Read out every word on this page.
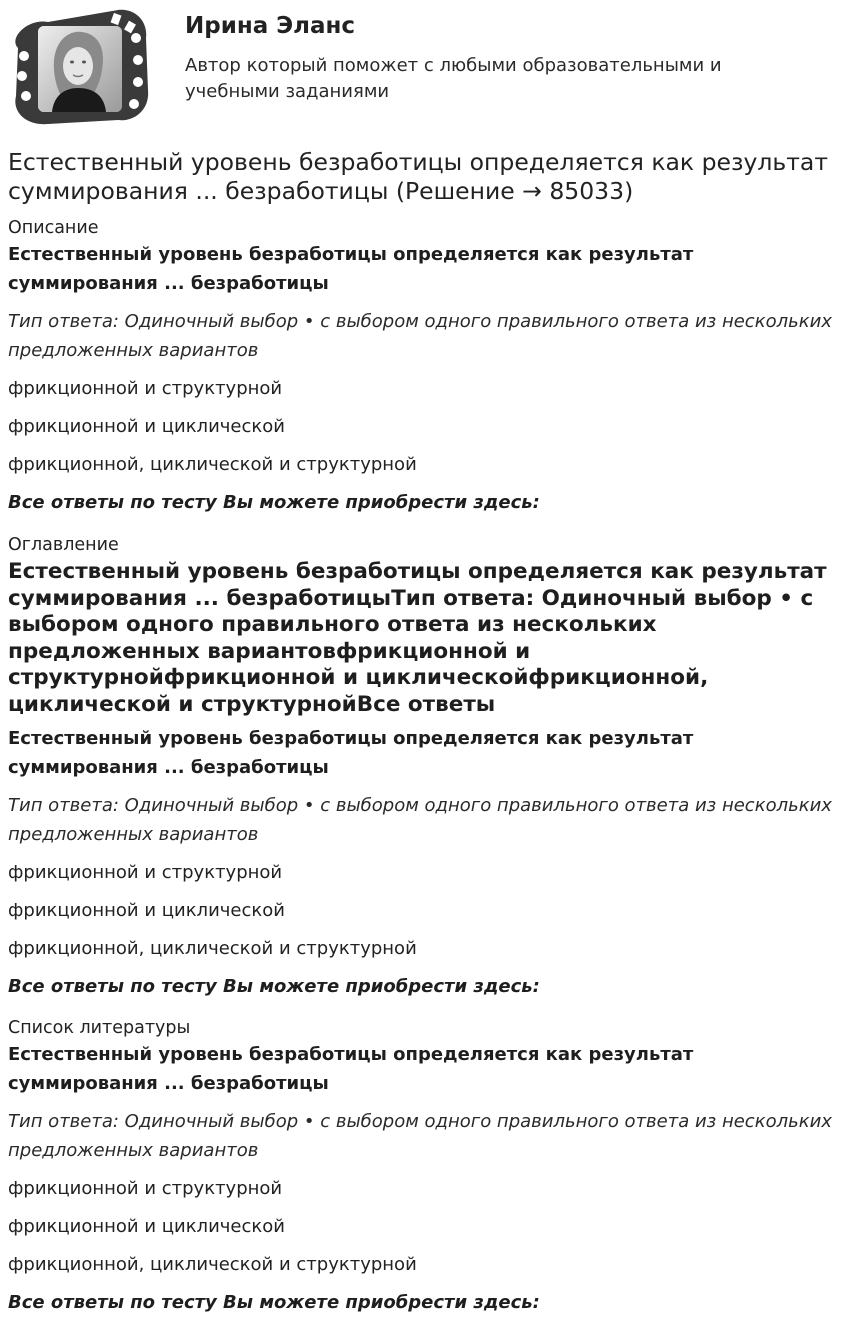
Ирина Эланс
Автор который поможет с любыми образовательными и учебными заданиями
Естественный уровень безработицы определяется как результат суммирования ... безработицы (Решение → 85033)
Описание
Естественный уровень безработицы определяется как результат суммирования ... безработицы
Тип ответа: Одиночный выбор • с выбором одного правильного ответа из нескольких предложенных вариантов
фрикционной и структурной
фрикционной и циклической
фрикционной, циклической и структурной
Все ответы по тесту Вы можете приобрести здесь:
Оглавление
Естественный уровень безработицы определяется как результат суммирования ... безработицыТип ответа: Одиночный выбор • с выбором одного правильного ответа из нескольких предложенных вариантовфрикционной и структурнойфрикционной и циклическойфрикционной, циклической и структурнойВсе ответы
Естественный уровень безработицы определяется как результат суммирования ... безработицы
Тип ответа: Одиночный выбор • с выбором одного правильного ответа из нескольких предложенных вариантов
фрикционной и структурной
фрикционной и циклической
фрикционной, циклической и структурной
Все ответы по тесту Вы можете приобрести здесь:
Список литературы
Естественный уровень безработицы определяется как результат суммирования ... безработицы
Тип ответа: Одиночный выбор • с выбором одного правильного ответа из нескольких предложенных вариантов
фрикционной и структурной
фрикционной и циклической
фрикционной, циклической и структурной
Все ответы по тесту Вы можете приобрести здесь:
